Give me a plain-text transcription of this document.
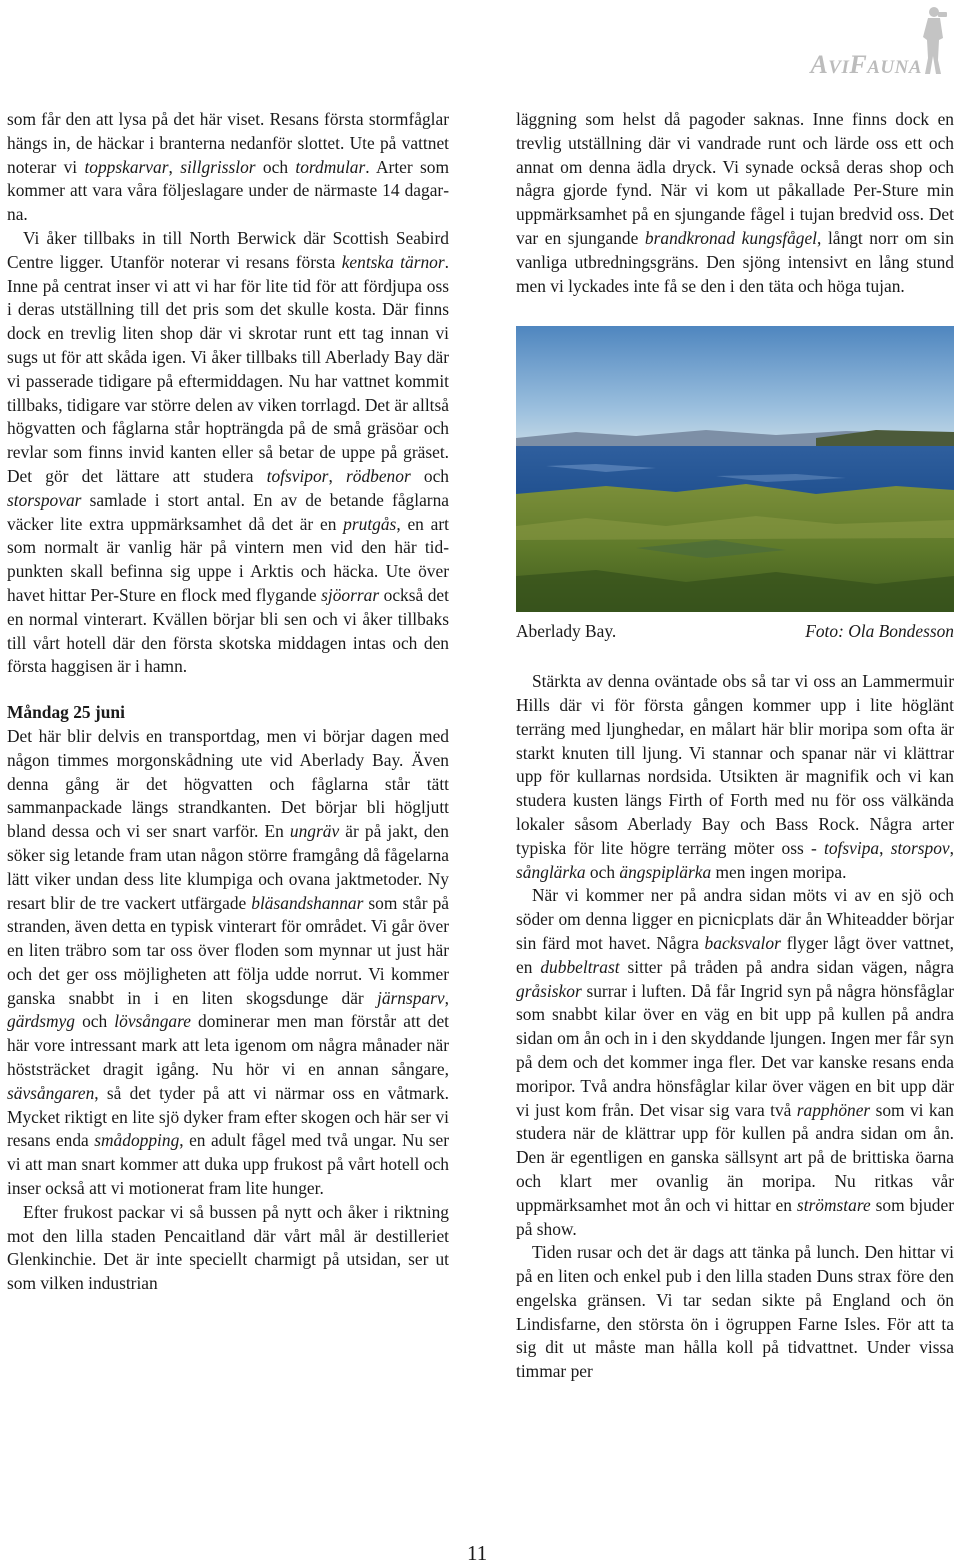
AVIFAUNA

som får den att lysa på det här viset. Resans första stormfåglar hängs in, de häckar i branterna nedanför slottet. Ute på vattnet noterar vi toppskarvar, sillgrisslor och tordmular. Arter som kommer att vara våra följeslagare under de närmaste 14 dagarna.

Vi åker tillbaks in till North Berwick där Scottish Seabird Centre ligger. Utanför noterar vi resans första kentska tärnor. Inne på centrat inser vi att vi har för lite tid för att fördjupa oss i deras utställning till det pris som det skulle kosta. Där finns dock en trevlig liten shop där vi skrotar runt ett tag innan vi sugs ut för att skåda igen. Vi åker tillbaks till Aberlady Bay där vi passerade tidigare på eftermiddagen. Nu har vattnet kommit tillbaks, tidigare var större delen av viken torrlagd. Det är alltså högvatten och fåglarna står hopträngda på de små gräsöar och revlar som finns invid kanten eller så betar de uppe på gräset. Det gör det lättare att studera tofsvipor, rödbenor och storspovar samlade i stort antal. En av de betande fåglarna väcker lite extra uppmärksamhet då det är en prutgås, en art som normalt är vanlig här på vintern men vid den här tidpunkten skall befinna sig uppe i Arktis och häcka. Ute över havet hittar Per-Sture en flock med flygande sjöorrar också det en normal vinterart. Kvällen börjar bli sen och vi åker tillbaks till vårt hotell där den första skotska middagen intas och den första haggisen är i hamn.

Måndag 25 juni

Det här blir delvis en transportdag, men vi börjar dagen med någon timmes morgonskådning ute vid Aberlady Bay. Även denna gång är det högvatten och fåglarna står tätt sammanpackade längs strandkanten. Det börjar bli högljutt bland dessa och vi ser snart varför. En ungräv är på jakt, den söker sig letande fram utan någon större framgång då fågelarna lätt viker undan dess lite klumpiga och ovana jaktmetoder. Ny resart blir de tre vackert utfärgade bläsandshannar som står på stranden, även detta en typisk vinterart för området. Vi går över en liten träbro som tar oss över floden som mynnar ut just här och det ger oss möjligheten att följa udde norrut. Vi kommer ganska snabbt in i en liten skogsdunge där järnsparv, gärdsmyg och lövsångare dominerar men man förstår att det här vore intressant mark att leta igenom om några månader när höststräcket dragit igång. Nu hör vi en annan sångare, sävsångaren, så det tyder på att vi närmar oss en våtmark. Mycket riktigt en lite sjö dyker fram efter skogen och här ser vi resans enda smådopping, en adult fågel med två ungar. Nu ser vi att man snart kommer att duka upp frukost på vårt hotell och inser också att vi motionerat fram lite hunger.

Efter frukost packar vi så bussen på nytt och åker i riktning mot den lilla staden Pencaitland där vårt mål är destilleriet Glenkinchie. Det är inte speciellt charmigt på utsidan, ser ut som vilken industrian

läggning som helst då pagoder saknas. Inne finns dock en trevlig utställning där vi vandrade runt och lärde oss ett och annat om denna ädla dryck. Vi synade också deras shop och några gjorde fynd. När vi kom ut påkallade Per-Sture min uppmärksamhet på en sjungande fågel i tujan bredvid oss. Det var en sjungande brandkronad kungsfågel, långt norr om sin vanliga utbredningsgräns. Den sjöng intensivt en lång stund men vi lyckades inte få se den i den täta och höga tujan.

Aberlady Bay.	Foto: Ola Bondesson

Stärkta av denna oväntade obs så tar vi oss an Lammermuir Hills där vi för första gången kommer upp i lite höglänt terräng med ljunghedar, en målart här blir moripa som ofta är starkt knuten till ljung. Vi stannar och spanar när vi klättrar upp för kullarnas nordsida. Utsikten är magnifik och vi kan studera kusten längs Firth of Forth med nu för oss välkända lokaler såsom Aberlady Bay och Bass Rock. Några arter typiska för lite högre terräng möter oss - tofsvipa, storspov, sånglärka och ängspiplärka men ingen moripa.

När vi kommer ner på andra sidan möts vi av en sjö och söder om denna ligger en picnicplats där ån Whiteadder börjar sin färd mot havet. Några backsvalor flyger lågt över vattnet, en dubbeltrast sitter på tråden på andra sidan vägen, några gråsiskor surrar i luften. Då får Ingrid syn på några hönsfåglar som snabbt kilar över en väg en bit upp på kullen på andra sidan om ån och in i den skyddande ljungen. Ingen mer får syn på dem och det kommer inga fler. Det var kanske resans enda moripor. Två andra hönsfåglar kilar över vägen en bit upp där vi just kom från. Det visar sig vara två rapphöner som vi kan studera när de klättrar upp för kullen på andra sidan om ån. Den är egentligen en ganska sällsynt art på de brittiska öarna och klart mer ovanlig än moripa. Nu ritkas vår uppmärksamhet mot ån och vi hittar en strömstare som bjuder på show.

Tiden rusar och det är dags att tänka på lunch. Den hittar vi på en liten och enkel pub i den lilla staden Duns strax före den engelska gränsen. Vi tar sedan sikte på England och ön Lindisfarne, den största ön i ögruppen Farne Isles. För att ta sig dit ut måste man hålla koll på tidvattnet. Under vissa timmar per

11
